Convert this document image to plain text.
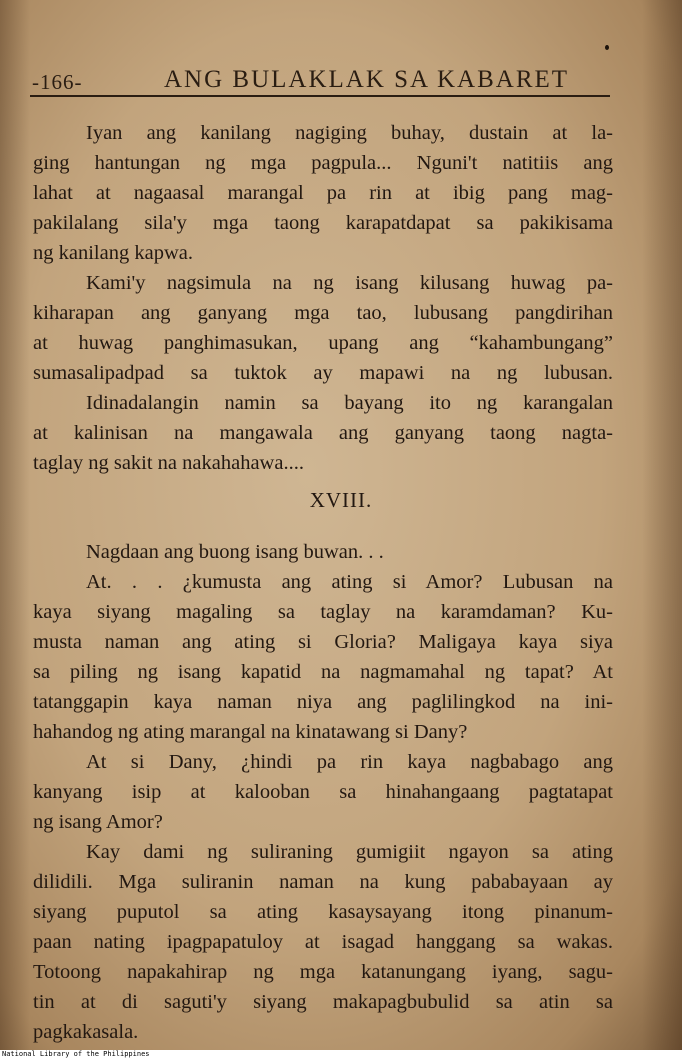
-166-	ANG BULAKLAK SA KABARET
Iyan ang kanilang nagiging buhay, dustain at la-
ging hantungan ng mga pagpula... Nguni't natitiis ang
lahat at nagaasal marangal pa rin at ibig pang mag-
pakilalang sila'y mga taong karapatdapat sa pakikisama
ng kanilang kapwa.
Kami'y nagsimula na ng isang kilusang huwag pa-
kiharapan ang ganyang mga tao, lubusang pangdirihan
at huwag panghimasukan, upang ang “kahambungang”
sumasalipadpad sa tuktok ay mapawi na ng lubusan.
Idinadalangin namin sa bayang ito ng karangalan
at kalinisan na mangawala ang ganyang taong nagta-
taglay ng sakit na nakahahawa....
XVIII.
Nagdaan ang buong isang buwan. . .
At. . . ¿kumusta ang ating si Amor? Lubusan na
kaya siyang magaling sa taglay na karamdaman? Ku-
musta naman ang ating si Gloria? Maligaya kaya siya
sa piling ng isang kapatid na nagmamahal ng tapat? At
tatanggapin kaya naman niya ang paglilingkod na ini-
hahandog ng ating marangal na kinatawang si Dany?
At si Dany, ¿hindi pa rin kaya nagbabago ang
kanyang isip at kalooban sa hinahangaang pagtatapat
ng isang Amor?
Kay dami ng suliraning gumigiit ngayon sa ating
dilidili. Mga suliranin naman na kung pababayaan ay
siyang puputol sa ating kasaysayang itong pinanum-
paan nating ipagpapatuloy at isagad hanggang sa wakas.
Totoong napakahirap ng mga katanungang iyang, sagu-
tin at di saguti'y siyang makapagbubulid sa atin sa
pagkakasala.
National Library of the Philippines
